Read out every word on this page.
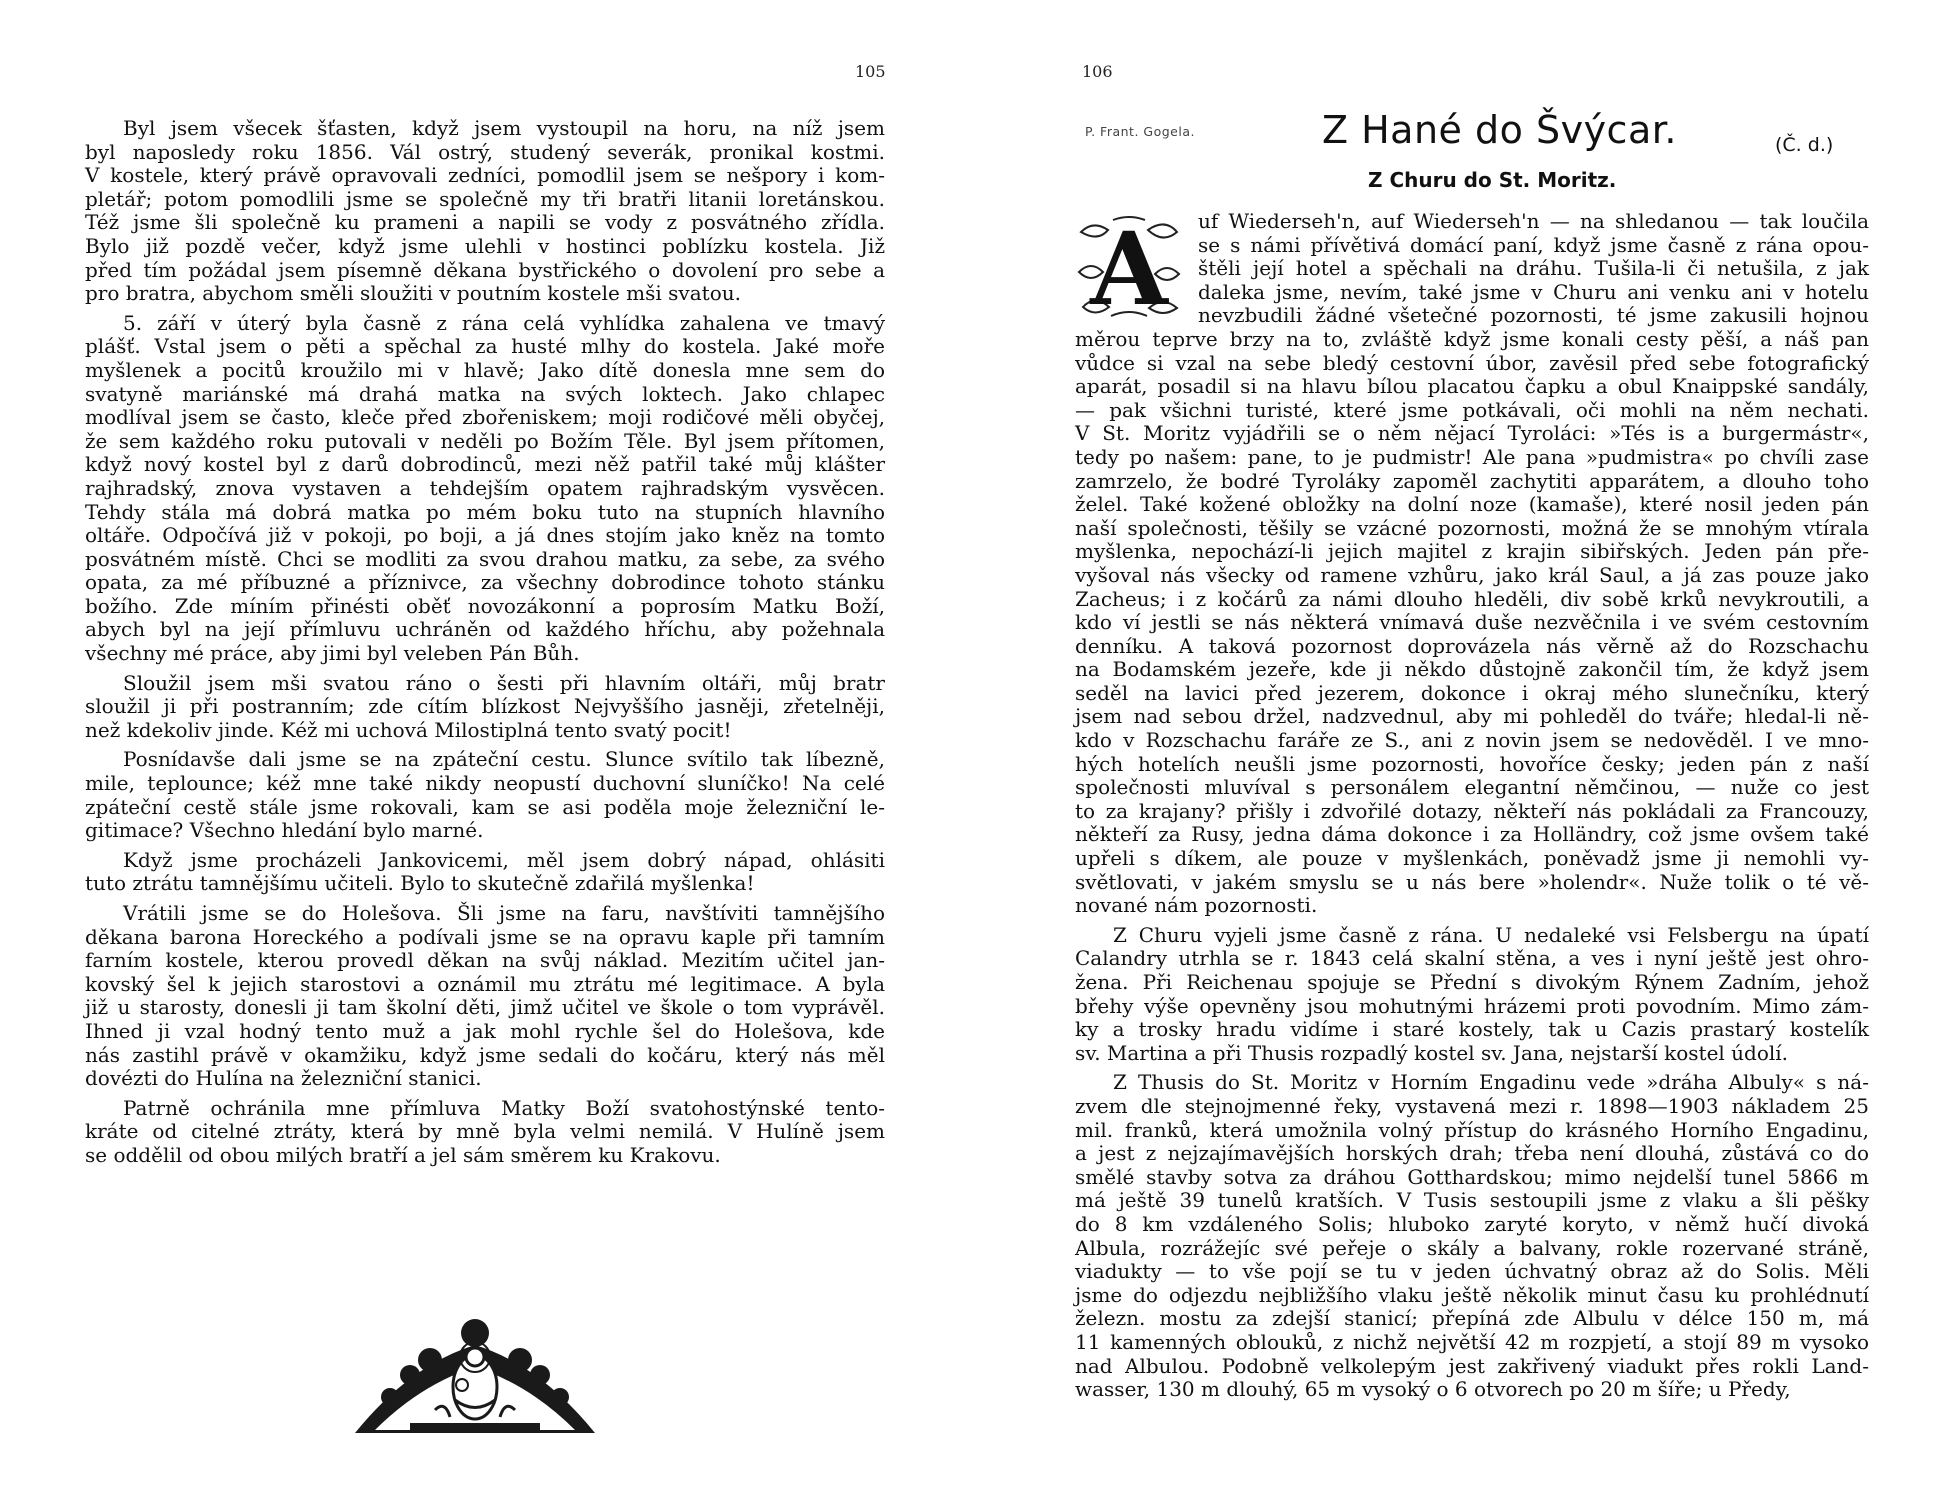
105	106
Byl jsem všecek šťasten, když jsem vystoupil na horu, na níž jsem
byl naposledy roku 1856. Vál ostrý, studený severák, pronikal kostmi.
V kostele, který právě opravovali zedníci, pomodlil jsem se nešpory i kom-
pletář; potom pomodlili jsme se společně my tři bratři litanii loretánskou.
Též jsme šli společně ku prameni a napili se vody z posvátného zřídla.
Bylo již pozdě večer, když jsme ulehli v hostinci poblízku kostela. Již
před tím požádal jsem písemně děkana bystřického o dovolení pro sebe a
pro bratra, abychom směli sloužiti v poutním kostele mši svatou.
5. září v úterý byla časně z rána celá vyhlídka zahalena ve tmavý
plášť. Vstal jsem o pěti a spěchal za husté mlhy do kostela. Jaké moře
myšlenek a pocitů kroužilo mi v hlavě; Jako dítě donesla mne sem do
svatyně mariánské má drahá matka na svých loktech. Jako chlapec
modlíval jsem se často, kleče před zbořeniskem; moji rodičové měli obyčej,
že sem každého roku putovali v neděli po Božím Těle. Byl jsem přítomen,
když nový kostel byl z darů dobrodinců, mezi něž patřil také můj klášter
rajhradský, znova vystaven a tehdejším opatem rajhradským vysvěcen.
Tehdy stála má dobrá matka po mém boku tuto na stupních hlavního
oltáře. Odpočívá již v pokoji, po boji, a já dnes stojím jako kněz na tomto
posvátném místě. Chci se modliti za svou drahou matku, za sebe, za svého
opata, za mé příbuzné a příznivce, za všechny dobrodince tohoto stánku
božího. Zde míním přinésti oběť novozákonní a poprosím Matku Boží,
abych byl na její přímluvu uchráněn od každého hříchu, aby požehnala
všechny mé práce, aby jimi byl veleben Pán Bůh.
Sloužil jsem mši svatou ráno o šesti při hlavním oltáři, můj bratr
sloužil ji při postranním; zde cítím blízkost Nejvyššího jasněji, zřetelněji,
než kdekoliv jinde. Kéž mi uchová Milostiplná tento svatý pocit!
Posnídavše dali jsme se na zpáteční cestu. Slunce svítilo tak líbezně,
mile, teplounce; kéž mne také nikdy neopustí duchovní sluníčko! Na celé
zpáteční cestě stále jsme rokovali, kam se asi poděla moje železniční le-
gitimace? Všechno hledání bylo marné.
Když jsme procházeli Jankovicemi, měl jsem dobrý nápad, ohlásiti
tuto ztrátu tamnějšímu učiteli. Bylo to skutečně zdařilá myšlenka!
Vrátili jsme se do Holešova. Šli jsme na faru, navštíviti tamnějšího
děkana barona Horeckého a podívali jsme se na opravu kaple při tamním
farním kostele, kterou provedl děkan na svůj náklad. Mezitím učitel jan-
kovský šel k jejich starostovi a oznámil mu ztrátu mé legitimace. A byla
již u starosty, donesli ji tam školní děti, jimž učitel ve škole o tom vyprávěl.
Ihned ji vzal hodný tento muž a jak mohl rychle šel do Holešova, kde
nás zastihl právě v okamžiku, když jsme sedali do kočáru, který nás měl
dovézti do Hulína na železniční stanici.
Patrně ochránila mne přímluva Matky Boží svatohostýnské tento-
kráte od citelné ztráty, která by mně byla velmi nemilá. V Hulíně jsem
se oddělil od obou milých bratří a jel sám směrem ku Krakovu.
P. Frant. Gogela.	Z Hané do Švýcar.	(Č. d.)
Z Churu do St. Moritz.
A	uf Wiederseh'n, auf Wiederseh'n — na shledanou — tak loučila
se s námi přívětivá domácí paní, když jsme časně z rána opou-
štěli její hotel a spěchali na dráhu. Tušila-li či netušila, z jak
daleka jsme, nevím, také jsme v Churu ani venku ani v hotelu
nevzbudili žádné všetečné pozornosti, té jsme zakusili hojnou
měrou teprve brzy na to, zvláště když jsme konali cesty pěší, a náš pan
vůdce si vzal na sebe bledý cestovní úbor, zavěsil před sebe fotografický
aparát, posadil si na hlavu bílou placatou čapku a obul Knaippské sandály,
— pak všichni turisté, které jsme potkávali, oči mohli na něm nechati.
V St. Moritz vyjádřili se o něm nějací Tyroláci: »Tés is a burgermástr«,
tedy po našem: pane, to je pudmistr! Ale pana »pudmistra« po chvíli zase
zamrzelo, že bodré Tyroláky zapoměl zachytiti apparátem, a dlouho toho
želel. Také kožené obložky na dolní noze (kamaše), které nosil jeden pán
naší společnosti, těšily se vzácné pozornosti, možná že se mnohým vtírala
myšlenka, nepochází-li jejich majitel z krajin sibiřských. Jeden pán pře-
vyšoval nás všecky od ramene vzhůru, jako král Saul, a já zas pouze jako
Zacheus; i z kočárů za námi dlouho hleděli, div sobě krků nevykroutili, a
kdo ví jestli se nás některá vnímavá duše nezvěčnila i ve svém cestovním
denníku. A taková pozornost doprovázela nás věrně až do Rozschachu
na Bodamském jezeře, kde ji někdo důstojně zakončil tím, že když jsem
seděl na lavici před jezerem, dokonce i okraj mého slunečníku, který
jsem nad sebou držel, nadzvednul, aby mi pohleděl do tváře; hledal-li ně-
kdo v Rozschachu faráře ze S., ani z novin jsem se nedověděl. I ve mno-
hých hotelích neušli jsme pozornosti, hovoříce česky; jeden pán z naší
společnosti mluvíval s personálem elegantní němčinou, — nuže co jest
to za krajany? přišly i zdvořilé dotazy, někteří nás pokládali za Francouzy,
někteří za Rusy, jedna dáma dokonce i za Holländry, což jsme ovšem také
upřeli s díkem, ale pouze v myšlenkách, poněvadž jsme ji nemohli vy-
světlovati, v jakém smyslu se u nás bere »holendr«. Nuže tolik o té vě-
nované nám pozornosti.
Z Churu vyjeli jsme časně z rána. U nedaleké vsi Felsbergu na úpatí
Calandry utrhla se r. 1843 celá skalní stěna, a ves i nyní ještě jest ohro-
žena. Při Reichenau spojuje se Přední s divokým Rýnem Zadním, jehož
břehy výše opevněny jsou mohutnými hrázemi proti povodním. Mimo zám-
ky a trosky hradu vidíme i staré kostely, tak u Cazis prastarý kostelík
sv. Martina a při Thusis rozpadlý kostel sv. Jana, nejstarší kostel údolí.
Z Thusis do St. Moritz v Horním Engadinu vede »dráha Albuly« s ná-
zvem dle stejnojmenné řeky, vystavená mezi r. 1898—1903 nákladem 25
mil. franků, která umožnila volný přístup do krásného Horního Engadinu,
a jest z nejzajímavějších horských drah; třeba není dlouhá, zůstává co do
smělé stavby sotva za dráhou Gotthardskou; mimo nejdelší tunel 5866 m
má ještě 39 tunelů kratších. V Tusis sestoupili jsme z vlaku a šli pěšky
do 8 km vzdáleného Solis; hluboko zaryté koryto, v němž hučí divoká
Albula, rozrážejíc své peřeje o skály a balvany, rokle rozervané stráně,
viadukty — to vše pojí se tu v jeden úchvatný obraz až do Solis. Měli
jsme do odjezdu nejbližšího vlaku ještě několik minut času ku prohlédnutí
železn. mostu za zdejší stanicí; přepíná zde Albulu v délce 150 m, má
11 kamenných oblouků, z nichž největší 42 m rozpjetí, a stojí 89 m vysoko
nad Albulou. Podobně velkolepým jest zakřivený viadukt přes rokli Land-
wasser, 130 m dlouhý, 65 m vysoký o 6 otvorech po 20 m šíře; u Předy,
